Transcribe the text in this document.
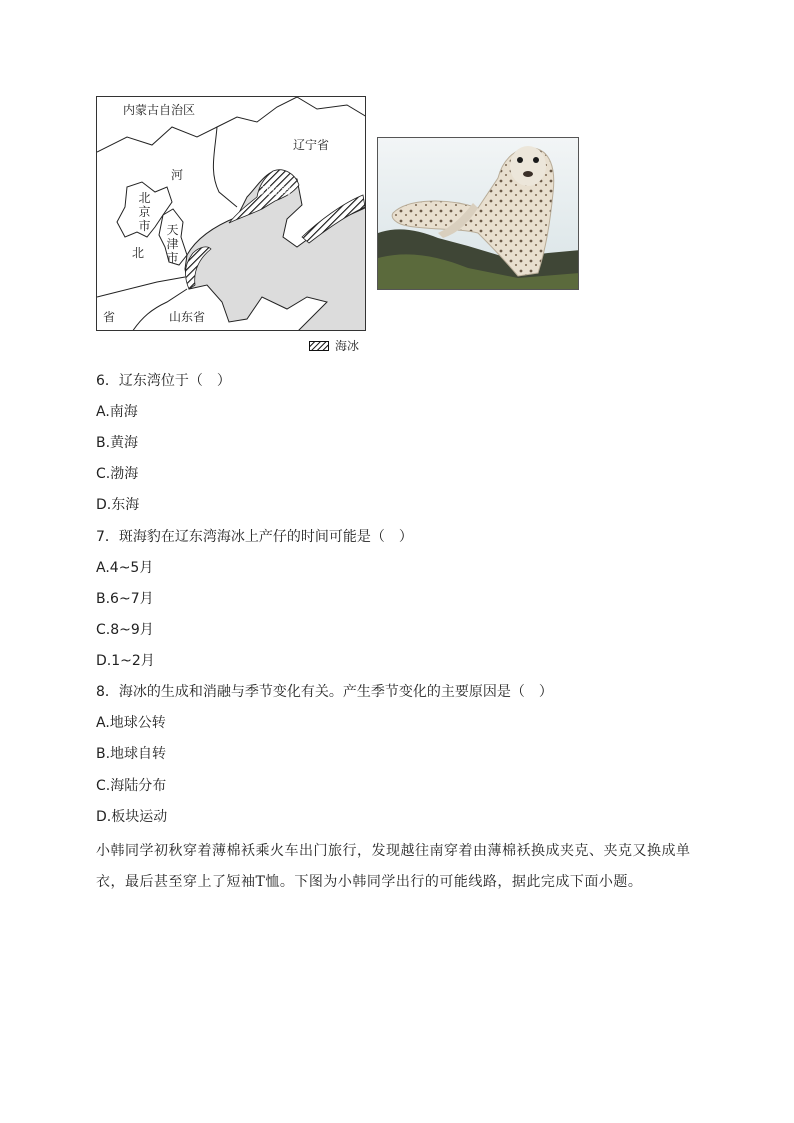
内蒙古自治区
辽宁省
河
北京市 天津市
北
省	山东省
辽东湾
海冰
6．辽东湾位于（　）
A.南海
B.黄海
C.渤海
D.东海
7．斑海豹在辽东湾海冰上产仔的时间可能是（　）
A.4~5月
B.6~7月
C.8~9月
D.1~2月
8．海冰的生成和消融与季节变化有关。产生季节变化的主要原因是（　）
A.地球公转
B.地球自转
C.海陆分布
D.板块运动
小韩同学初秋穿着薄棉袄乘火车出门旅行，发现越往南穿着由薄棉袄换成夹克、夹克又换成单衣，最后甚至穿上了短袖T恤。下图为小韩同学出行的可能线路，据此完成下面小题。
